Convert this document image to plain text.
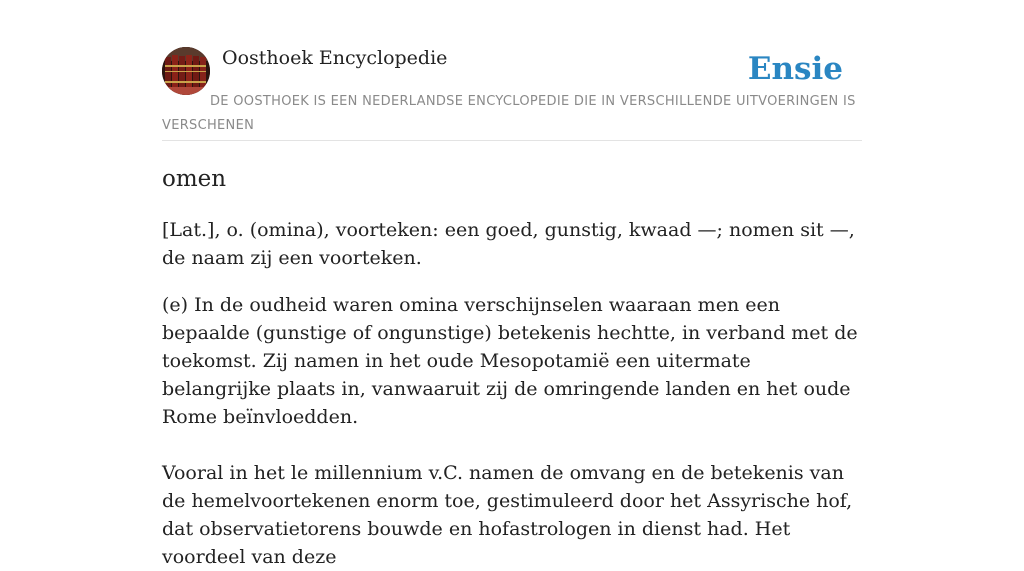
Oosthoek Encyclopedie	Ensie

DE OOSTHOEK IS EEN NEDERLANDSE ENCYCLOPEDIE DIE IN VERSCHILLENDE UITVOERINGEN IS VERSCHENEN

omen

[Lat.], o. (omina), voorteken: een goed, gunstig, kwaad —; nomen sit —, de naam zij een voorteken.

(e) In de oudheid waren omina verschijnselen waaraan men een bepaalde (gunstige of ongunstige) betekenis hechtte, in verband met de toekomst. Zij namen in het oude Mesopotamië een uitermate belangrijke plaats in, vanwaaruit zij de omringende landen en het oude Rome beïnvloedden.

Vooral in het le millennium v.C. namen de omvang en de betekenis van de hemelvoortekenen enorm toe, gestimuleerd door het Assyrische hof, dat observatietorens bouwde en hofastrologen in dienst had. Het voordeel van deze
